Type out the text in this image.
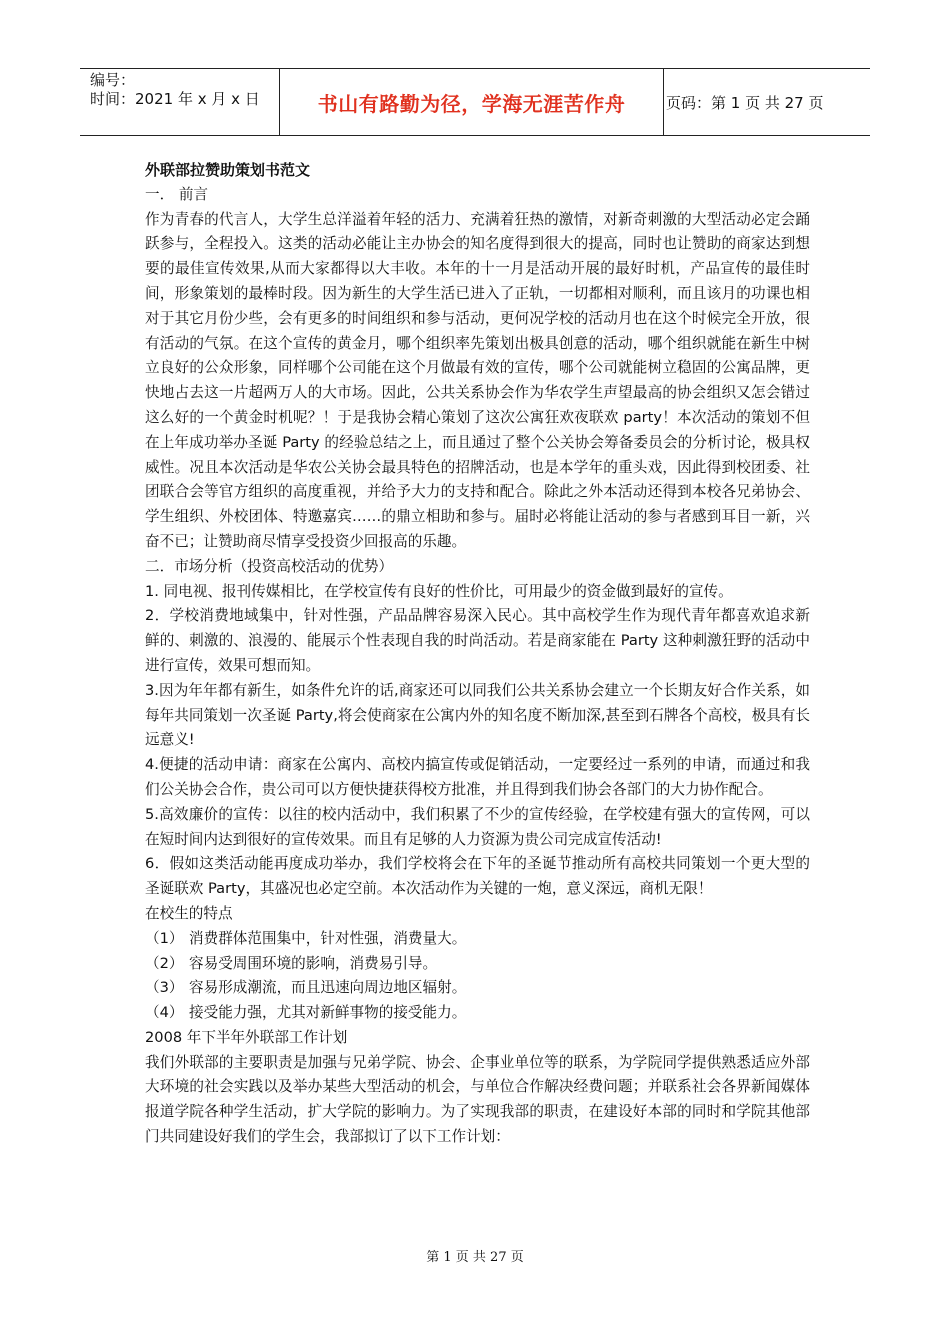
编号：
时间：2021 年 x 月 x 日	书山有路勤为径，学海无涯苦作舟	页码：第 1 页 共 27 页

外联部拉赞助策划书范文

一． 前言

作为青春的代言人，大学生总洋溢着年轻的活力、充满着狂热的激情，对新奇刺激的大型活动必定会踊跃参与，全程投入。这类的活动必能让主办协会的知名度得到很大的提高，同时也让赞助的商家达到想要的最佳宣传效果,从而大家都得以大丰收。本年的十一月是活动开展的最好时机，产品宣传的最佳时间，形象策划的最棒时段。因为新生的大学生活已进入了正轨，一切都相对顺利，而且该月的功课也相对于其它月份少些，会有更多的时间组织和参与活动，更何况学校的活动月也在这个时候完全开放，很有活动的气氛。在这个宣传的黄金月，哪个组织率先策划出极具创意的活动，哪个组织就能在新生中树立良好的公众形象，同样哪个公司能在这个月做最有效的宣传，哪个公司就能树立稳固的公寓品牌，更快地占去这一片超两万人的大市场。因此，公共关系协会作为华农学生声望最高的协会组织又怎会错过这么好的一个黄金时机呢？！于是我协会精心策划了这次公寓狂欢夜联欢 party！本次活动的策划不但在上年成功举办圣诞 Party 的经验总结之上，而且通过了整个公关协会筹备委员会的分析讨论，极具权威性。况且本次活动是华农公关协会最具特色的招牌活动，也是本学年的重头戏，因此得到校团委、社团联合会等官方组织的高度重视，并给予大力的支持和配合。除此之外本活动还得到本校各兄弟协会、学生组织、外校团体、特邀嘉宾……的鼎立相助和参与。届时必将能让活动的参与者感到耳目一新，兴奋不已；让赞助商尽情享受投资少回报高的乐趣。

二．市场分析（投资高校活动的优势）

1. 同电视、报刊传媒相比，在学校宣传有良好的性价比，可用最少的资金做到最好的宣传。

2．学校消费地域集中，针对性强，产品品牌容易深入民心。其中高校学生作为现代青年都喜欢追求新鲜的、刺激的、浪漫的、能展示个性表现自我的时尚活动。若是商家能在 Party 这种刺激狂野的活动中进行宣传，效果可想而知。

3.因为年年都有新生，如条件允许的话,商家还可以同我们公共关系协会建立一个长期友好合作关系，如每年共同策划一次圣诞 Party,将会使商家在公寓内外的知名度不断加深,甚至到石牌各个高校，极具有长远意义!

4.便捷的活动申请：商家在公寓内、高校内搞宣传或促销活动，一定要经过一系列的申请，而通过和我们公关协会合作，贵公司可以方便快捷获得校方批准，并且得到我们协会各部门的大力协作配合。

5.高效廉价的宣传：以往的校内活动中，我们积累了不少的宣传经验，在学校建有强大的宣传网，可以在短时间内达到很好的宣传效果。而且有足够的人力资源为贵公司完成宣传活动!

6．假如这类活动能再度成功举办，我们学校将会在下年的圣诞节推动所有高校共同策划一个更大型的圣诞联欢 Party，其盛况也必定空前。本次活动作为关键的一炮，意义深远，商机无限！

在校生的特点

（1） 消费群体范围集中，针对性强，消费量大。
（2） 容易受周围环境的影响，消费易引导。
（3） 容易形成潮流，而且迅速向周边地区辐射。
（4） 接受能力强，尤其对新鲜事物的接受能力。

2008 年下半年外联部工作计划

我们外联部的主要职责是加强与兄弟学院、协会、企事业单位等的联系，为学院同学提供熟悉适应外部大环境的社会实践以及举办某些大型活动的机会，与单位合作解决经费问题；并联系社会各界新闻媒体报道学院各种学生活动，扩大学院的影响力。为了实现我部的职责，在建设好本部的同时和学院其他部门共同建设好我们的学生会，我部拟订了以下工作计划：

第 1 页 共 27 页
